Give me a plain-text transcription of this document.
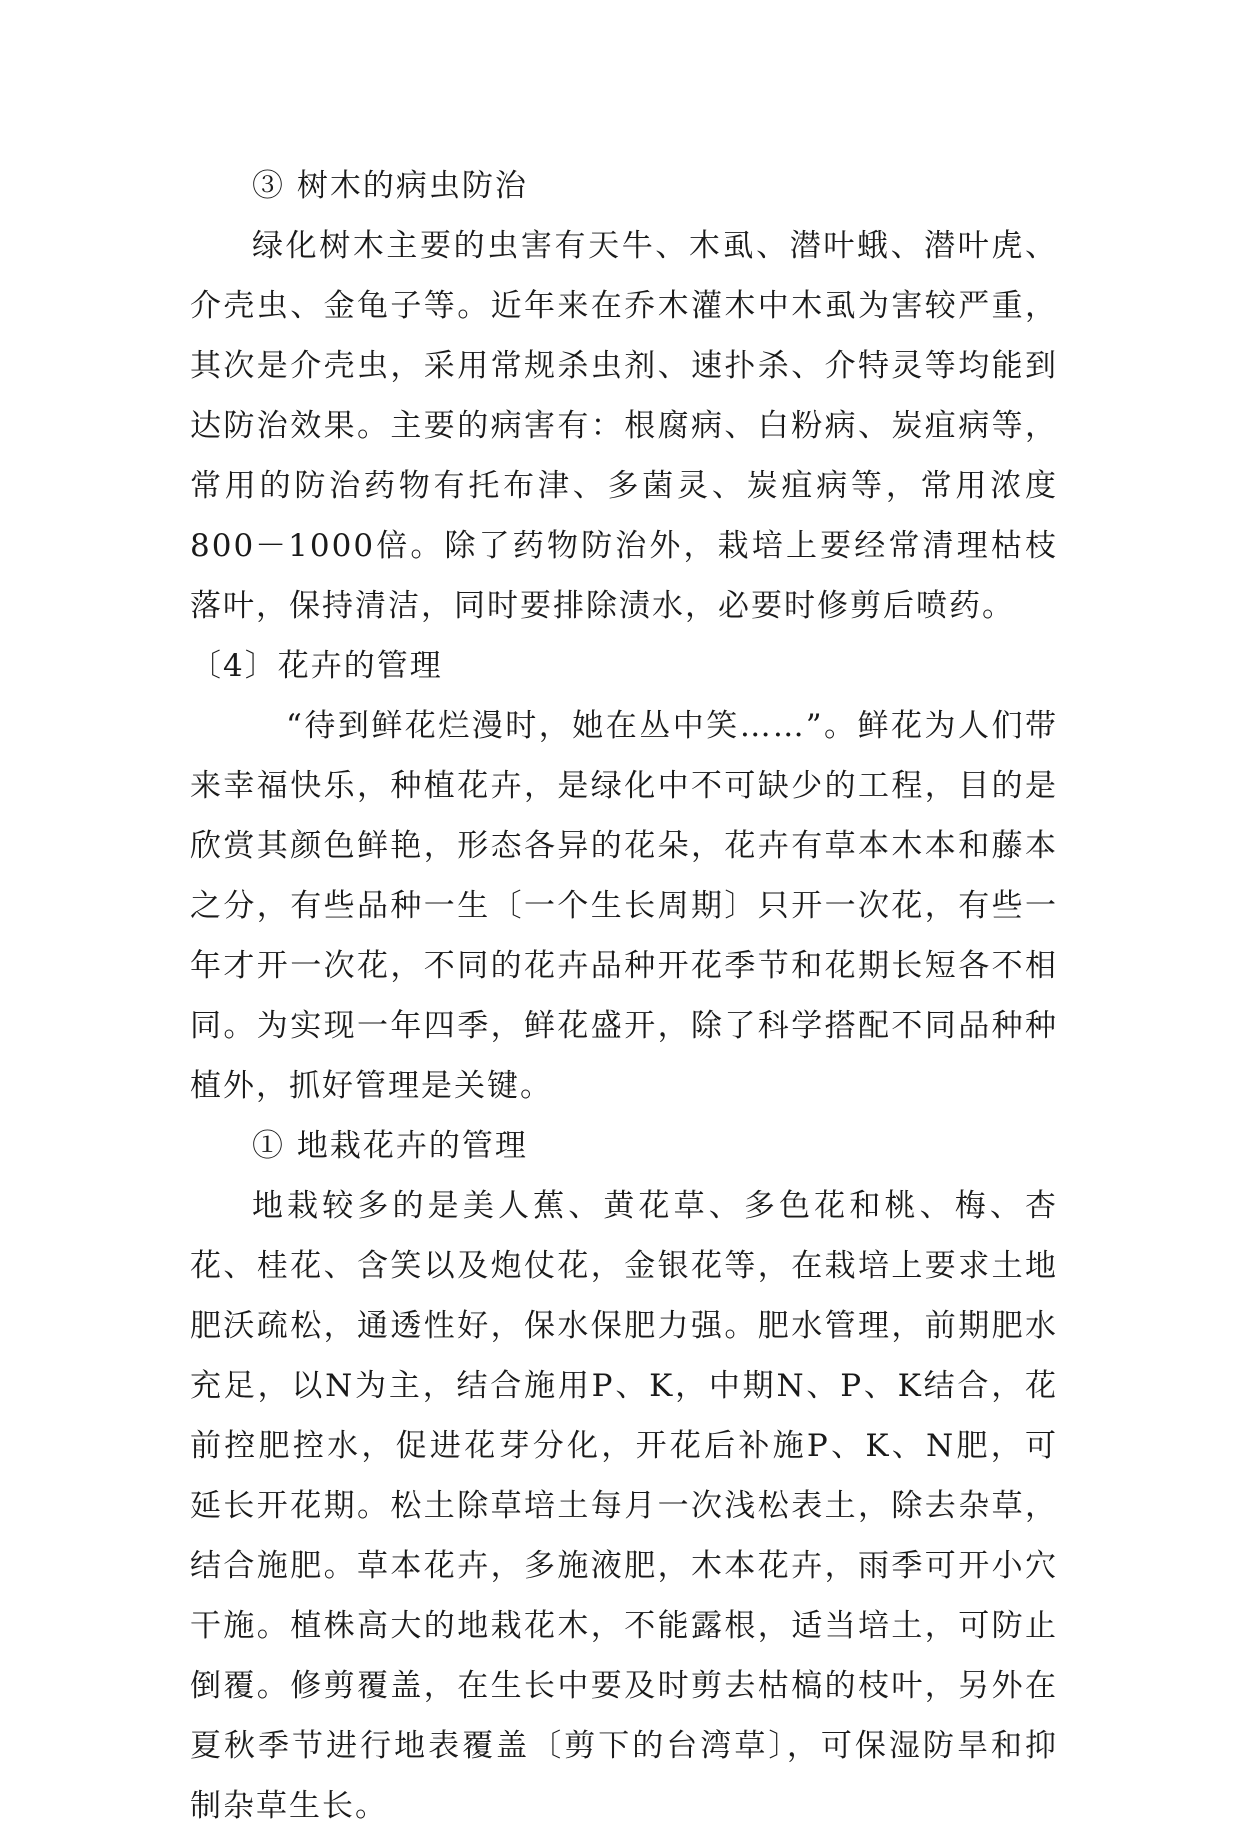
③ 树木的病虫防治

绿化树木主要的虫害有天牛、木虱、潜叶蛾、潜叶虎、介壳虫、金龟子等。近年来在乔木灌木中木虱为害较严重，其次是介壳虫，采用常规杀虫剂、速扑杀、介特灵等均能到达防治效果。主要的病害有：根腐病、白粉病、炭疽病等，常用的防治药物有托布津、多菌灵、炭疽病等，常用浓度800－1000倍。除了药物防治外，栽培上要经常清理枯枝落叶，保持清洁，同时要排除渍水，必要时修剪后喷药。

〔4〕花卉的管理

“待到鲜花烂漫时，她在丛中笑……”。鲜花为人们带来幸福快乐，种植花卉，是绿化中不可缺少的工程，目的是欣赏其颜色鲜艳，形态各异的花朵，花卉有草本木本和藤本之分，有些品种一生〔一个生长周期〕只开一次花，有些一年才开一次花，不同的花卉品种开花季节和花期长短各不相同。为实现一年四季，鲜花盛开，除了科学搭配不同品种种植外，抓好管理是关键。

① 地栽花卉的管理

地栽较多的是美人蕉、黄花草、多色花和桃、梅、杏花、桂花、含笑以及炮仗花，金银花等，在栽培上要求土地肥沃疏松，通透性好，保水保肥力强。肥水管理，前期肥水充足，以N为主，结合施用P、K，中期N、P、K结合，花前控肥控水，促进花芽分化，开花后补施P、K、N肥，可延长开花期。松土除草培土每月一次浅松表土，除去杂草，结合施肥。草本花卉，多施液肥，木本花卉，雨季可开小穴干施。植株高大的地栽花木，不能露根，适当培土，可防止倒覆。修剪覆盖，在生长中要及时剪去枯槁的枝叶，另外在夏秋季节进行地表覆盖〔剪下的台湾草〕，可保湿防旱和抑制杂草生长。
